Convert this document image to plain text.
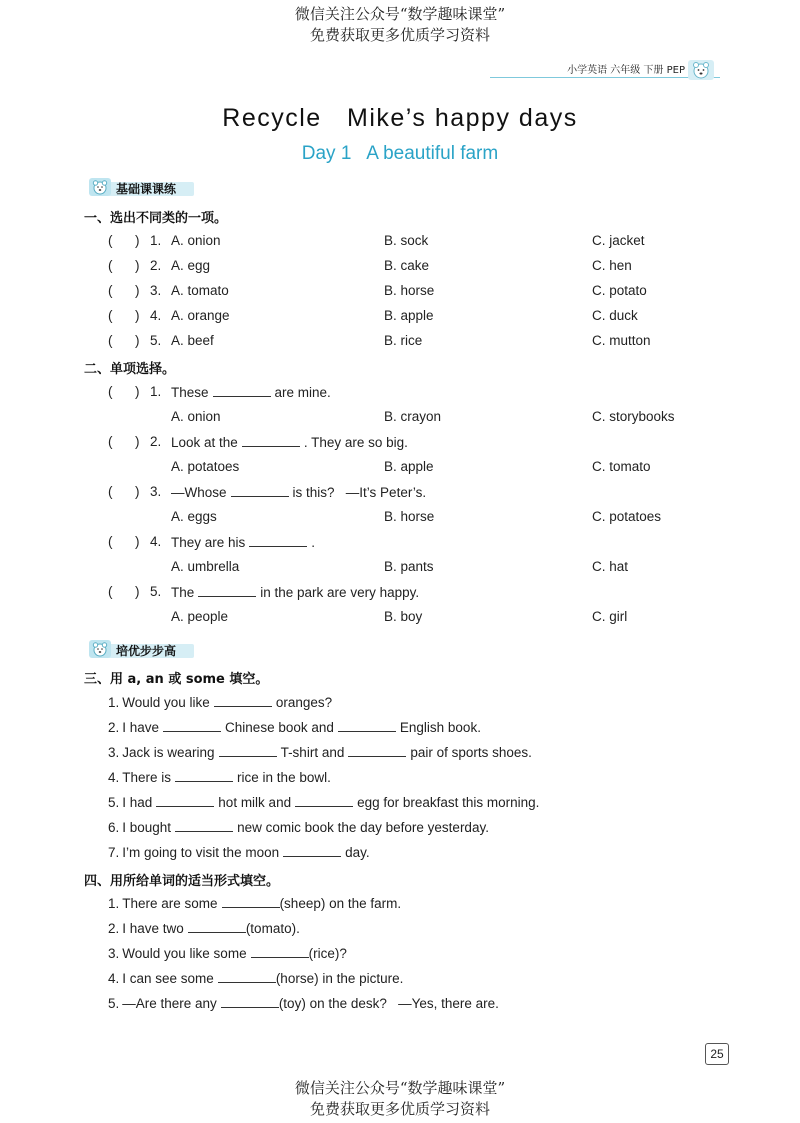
微信关注公众号“数学趣味课堂”
免费获取更多优质学习资料
小学英语 六年级 下册 PEP
Recycle   Mike’s happy days
Day 1   A beautiful farm
基础课课练
一、选出不同类的一项。
(      ) 1. A. onion	B. sock	C. jacket
(      ) 2. A. egg	B. cake	C. hen
(      ) 3. A. tomato	B. horse	C. potato
(      ) 4. A. orange	B. apple	C. duck
(      ) 5. A. beef	B. rice	C. mutton
二、单项选择。
(      ) 1. These	are mine.
A. onion	B. crayon	C. storybooks
(      ) 2. Look at the	. They are so big.
A. potatoes	B. apple	C. tomato
(      ) 3. —Whose	is this?   —It’s Peter’s.
A. eggs	B. horse	C. potatoes
(      ) 4. They are his	.
A. umbrella	B. pants	C. hat
(      ) 5. The	in the park are very happy.
A. people	B. boy	C. girl
培优步步高
三、用 a, an 或 some 填空。
1. Would you like	oranges?
2. I have	Chinese book and	English book.
3. Jack is wearing	T-shirt and	pair of sports shoes.
4. There is	rice in the bowl.
5. I had	hot milk and	egg for breakfast this morning.
6. I bought	new comic book the day before yesterday.
7. I’m going to visit the moon	day.
四、用所给单词的适当形式填空。
1. There are some	(sheep) on the farm.
2. I have two	(tomato).
3. Would you like some	(rice)?
4. I can see some	(horse) in the picture.
5. —Are there any	(toy) on the desk?   —Yes, there are.
25
微信关注公众号“数学趣味课堂”
免费获取更多优质学习资料
